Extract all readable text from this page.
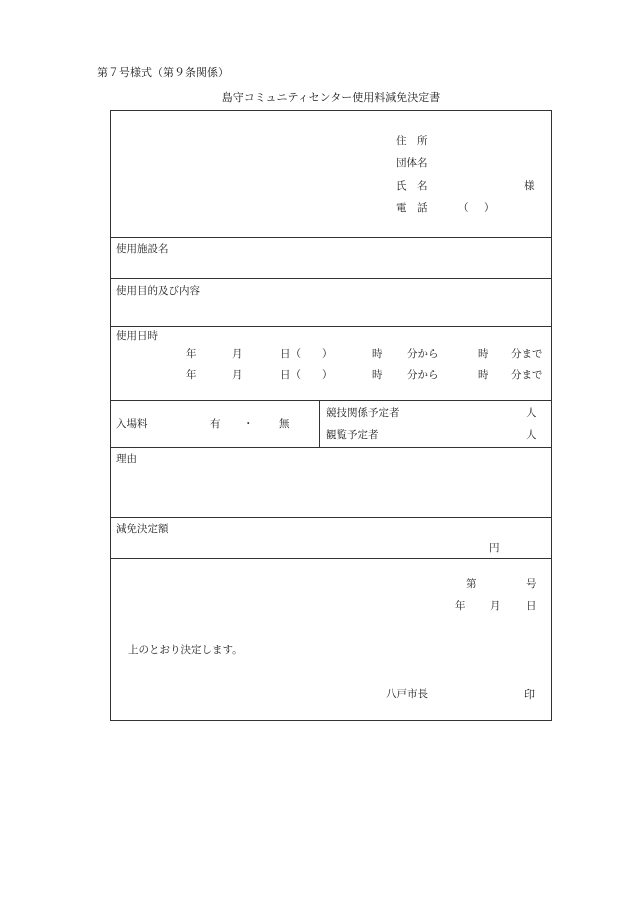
第７号様式（第９条関係）
島守コミュニティセンター使用料減免決定書
住　所
団体名
氏　名	様
電　話	（ ）
使用施設名
使用目的及び内容
使用日時
年	月	日（ ）	時 分から	時 分まで
年	月	日（ ）	時 分から	時 分まで
入場料	有 ・ 無
競技関係予定者	人
観覧予定者	人
理由
減免決定額
円
第	号
年 月 日
上のとおり決定します。
八戸市長	印
